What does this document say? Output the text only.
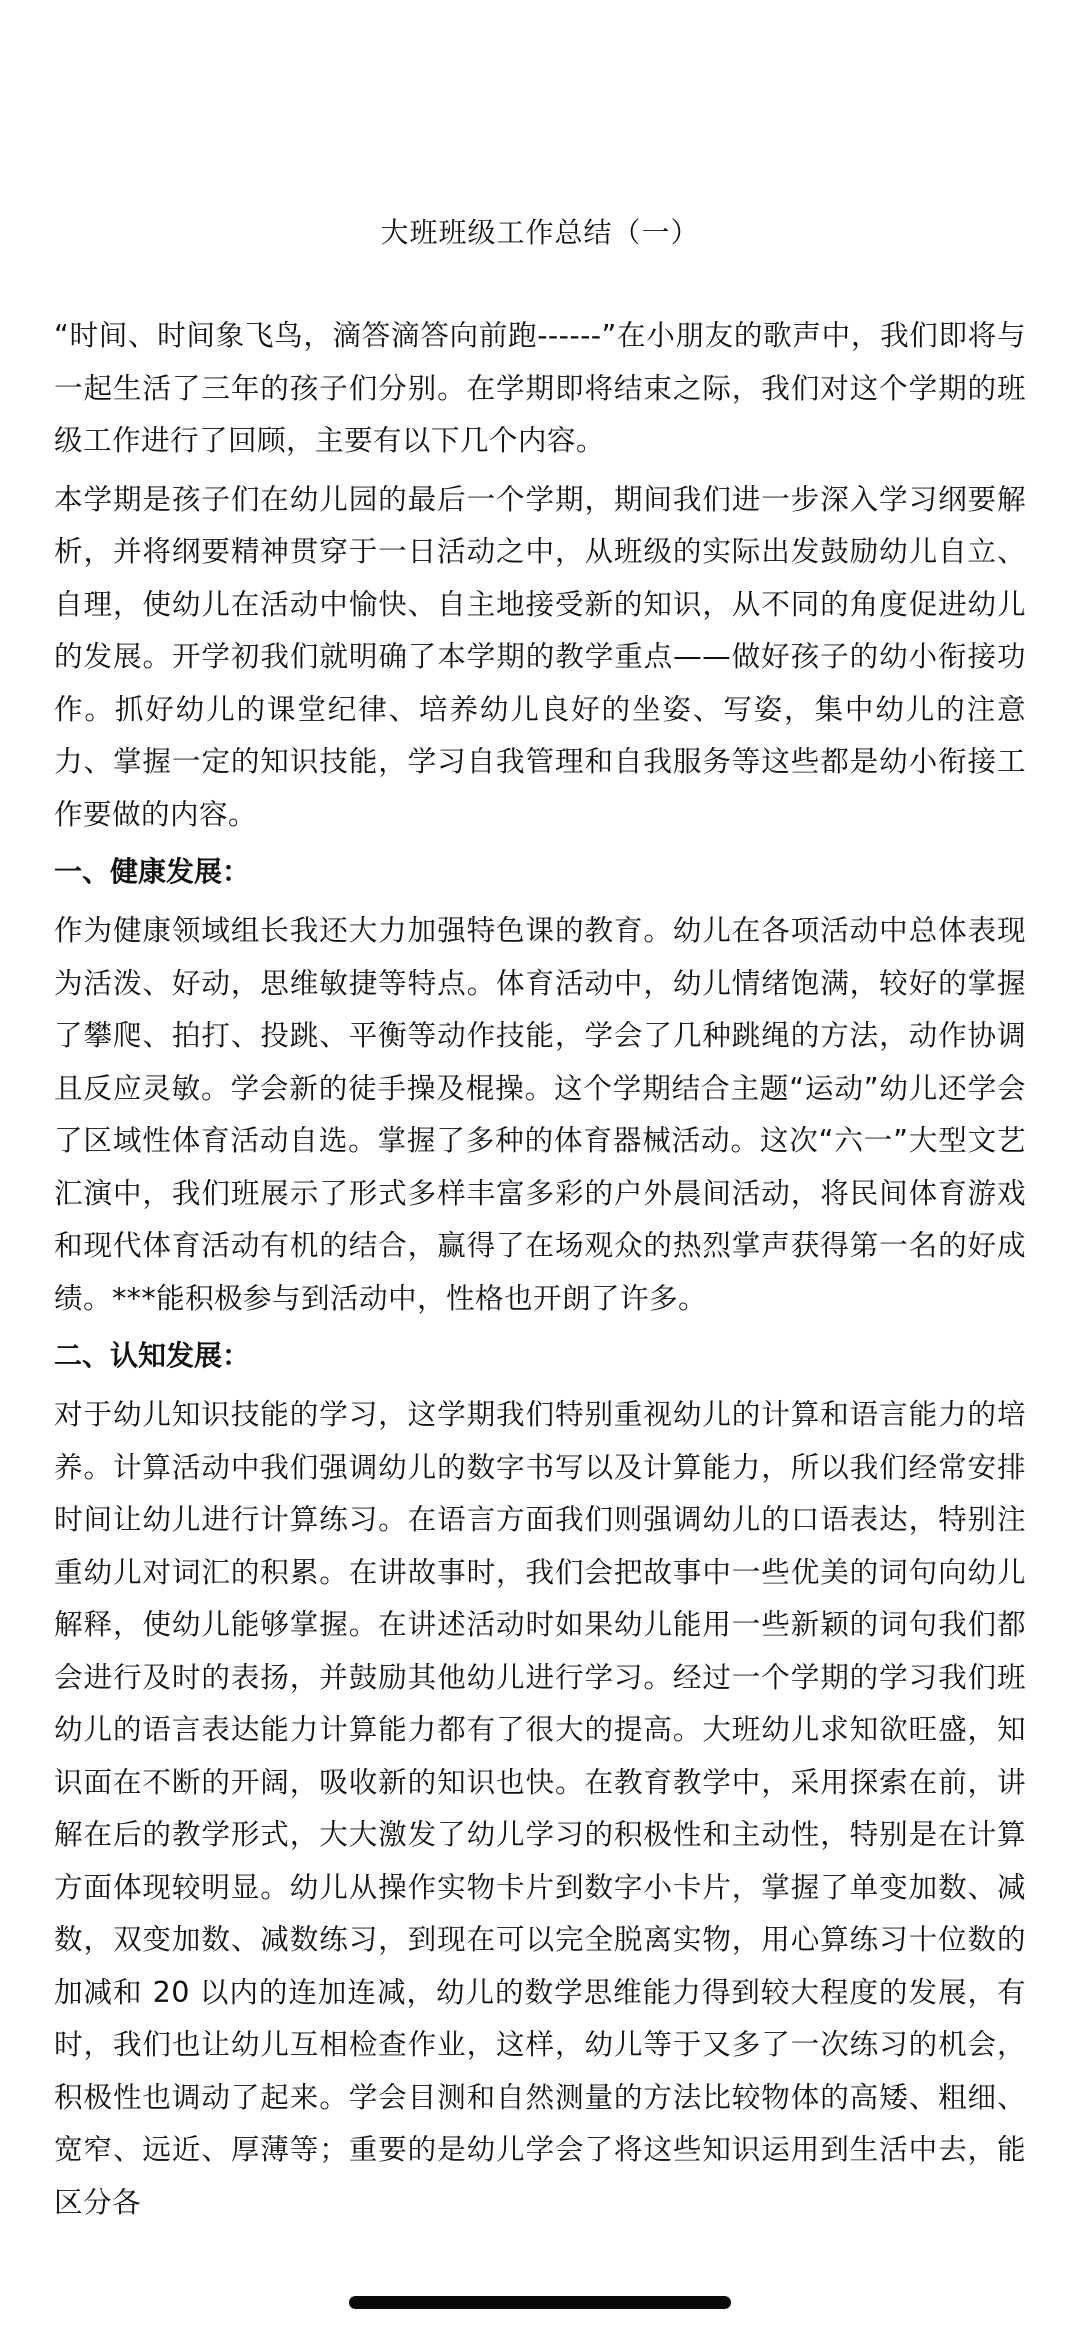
大班班级工作总结（一）

“时间、时间象飞鸟，滴答滴答向前跑------”在小朋友的歌声中，我们即将与一起生活了三年的孩子们分别。在学期即将结束之际，我们对这个学期的班级工作进行了回顾，主要有以下几个内容。

本学期是孩子们在幼儿园的最后一个学期，期间我们进一步深入学习纲要解析，并将纲要精神贯穿于一日活动之中，从班级的实际出发鼓励幼儿自立、自理，使幼儿在活动中愉快、自主地接受新的知识，从不同的角度促进幼儿的发展。开学初我们就明确了本学期的教学重点——做好孩子的幼小衔接功作。抓好幼儿的课堂纪律、培养幼儿良好的坐姿、写姿，集中幼儿的注意力、掌握一定的知识技能，学习自我管理和自我服务等这些都是幼小衔接工作要做的内容。

一、健康发展：

作为健康领域组长我还大力加强特色课的教育。幼儿在各项活动中总体表现为活泼、好动，思维敏捷等特点。体育活动中，幼儿情绪饱满，较好的掌握了攀爬、拍打、投跳、平衡等动作技能，学会了几种跳绳的方法，动作协调且反应灵敏。学会新的徒手操及棍操。这个学期结合主题“运动”幼儿还学会了区域性体育活动自选。掌握了多种的体育器械活动。这次“六一”大型文艺汇演中，我们班展示了形式多样丰富多彩的户外晨间活动，将民间体育游戏和现代体育活动有机的结合，赢得了在场观众的热烈掌声获得第一名的好成绩。***能积极参与到活动中，性格也开朗了许多。

二、认知发展：

对于幼儿知识技能的学习，这学期我们特别重视幼儿的计算和语言能力的培养。计算活动中我们强调幼儿的数字书写以及计算能力，所以我们经常安排时间让幼儿进行计算练习。在语言方面我们则强调幼儿的口语表达，特别注重幼儿对词汇的积累。在讲故事时，我们会把故事中一些优美的词句向幼儿解释，使幼儿能够掌握。在讲述活动时如果幼儿能用一些新颖的词句我们都会进行及时的表扬，并鼓励其他幼儿进行学习。经过一个学期的学习我们班幼儿的语言表达能力计算能力都有了很大的提高。大班幼儿求知欲旺盛，知识面在不断的开阔，吸收新的知识也快。在教育教学中，采用探索在前，讲解在后的教学形式，大大激发了幼儿学习的积极性和主动性，特别是在计算方面体现较明显。幼儿从操作实物卡片到数字小卡片，掌握了单变加数、减数，双变加数、减数练习，到现在可以完全脱离实物，用心算练习十位数的加减和 20 以内的连加连减，幼儿的数学思维能力得到较大程度的发展，有时，我们也让幼儿互相检查作业，这样，幼儿等于又多了一次练习的机会，积极性也调动了起来。学会目测和自然测量的方法比较物体的高矮、粗细、宽窄、远近、厚薄等；重要的是幼儿学会了将这些知识运用到生活中去，能区分各
